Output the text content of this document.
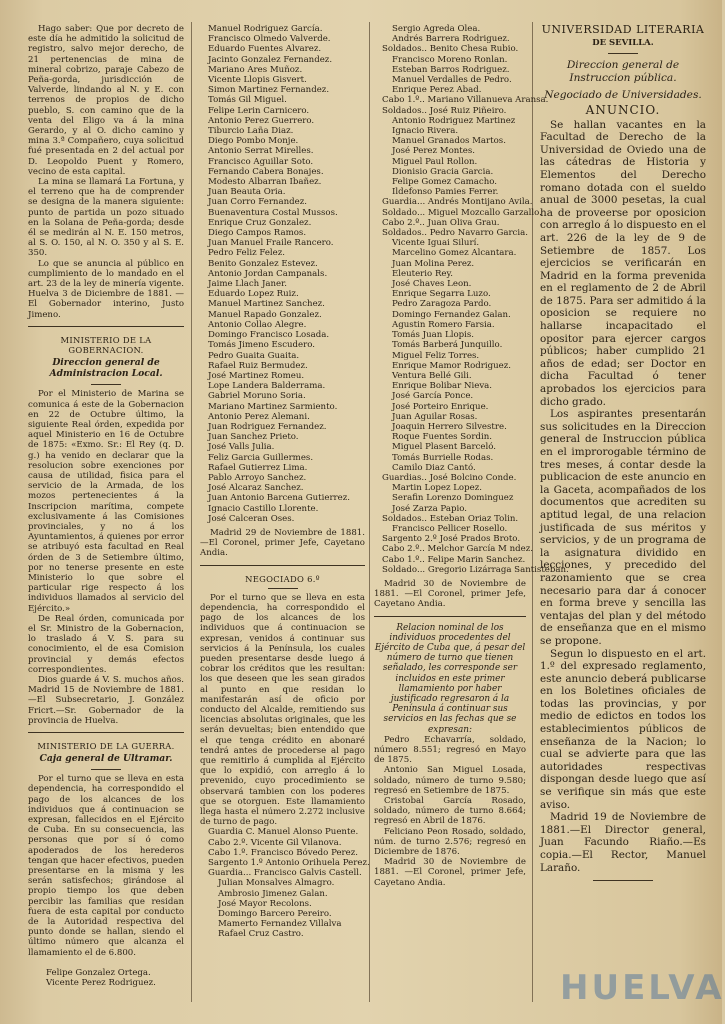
Hago saber: Que por decreto de este día he admitido la solicitud de registro, salvo mejor derecho, de 21 pertenencias de mina de mineral cobrizo, paraje Cabezo de Peña-gorda, jurisdicción de Valverde, lindando al N. y E. con terrenos de propios de dicho pueblo, S. con camino que de la venta del Eligo va á la mina Gerardo, y al O. dicho camino y mina 3.ª Compañero, cuya solicitud fué presentada en 2 del actual por D. Leopoldo Puent y Romero, vecino de esta capital.

La mina se llamará La Fortuna, y el terreno que ha de comprender se designa de la manera siguiente: punto de partida un pozo situado en la Solana de Peña-gorda; desde él se medirán al N. E. 150 metros, al S. O. 150, al N. O. 350 y al S. E. 350.

Lo que se anuncia al público en cumplimiento de lo mandado en el art. 23 de la ley de minería vigente. Huelva 3 de Diciembre de 1881. —El Gobernador interino, Justo Jimeno.

MINISTERIO DE LA GOBERNACION.
Direccion general de Administracion Local.

Por el Ministerio de Marina se comunica á este de la Gobernacion en 22 de Octubre último, la siguiente Real órden, expedida por aquel Ministerio en 16 de Octubre de 1875: «Exmo. Sr.: El Rey (q. D. g.) ha venido en declarar que la resolucion sobre exenciones por causa de utilidad, fisica para el servicio de la Armada, de los mozos pertenecientes á la Inscripcion marítima, compete exclusivamente á las Comisiones provinciales, y no á los Ayuntamientos, á quienes por error se atribuyó esta facultad en Real órden de 3 de Setiembre último, por no tenerse presente en este Ministerio lo que sobre el particular rige respecto á los individuos llamados al servicio del Ejército.»

De Real órden, comunicada por el Sr. Ministro de la Gobernacion, lo traslado á V. S. para su conocimiento, el de esa Comision provincial y demás efectos correspondientes.

Dios guarde á V. S. muchos años. Madrid 15 de Noviembre de 1881.—El Subsecretario, J. González Fricrt.—Sr. Gobernador de la provincia de Huelva.

MINISTERIO DE LA GUERRA.
Caja general de Ultramar.

Por el turno que se lleva en esta dependencia, ha correspondido el pago de los alcances de los individuos que á continuacion se expresan, fallecidos en el Ejército de Cuba. En su consecuencia, las personas que por sí ó como apoderados de los herederos tengan que hacer efectivos, pueden presentarse en la misma y les serán satisfechos; girándose al propio tiempo los que deben percibir las familias que residan fuera de esta capital por conducto de la Autoridad respectiva del punto donde se hallan, siendo el último número que alcanza el llamamiento el de 6.800.

Felipe Gonzalez Ortega.

Vicente Perez Rodriguez.

Manuel Rodriguez García.

Francisco Olmedo Valverde.

Eduardo Fuentes Alvarez.

Jacinto Gonzalez Fernandez.

Mariano Ares Muñoz.

Vicente Llopis Gisvert.

Simon Martinez Fernandez.

Tomás Gil Miguel.

Felipe Lerin Carnicero.

Antonio Perez Guerrero.

Tiburcio Laña Diaz.

Diego Pombo Monje.

Antonio Serrat Mirelles.

Francisco Aguillar Soto.

Fernando Cabera Bonajes.

Modesto Albarran Ibañez.

Juan Beauta Oria.

Juan Corro Fernandez.

Buenaventura Costal Mussos.

Enrique Cruz Gonzalez.

Diego Campos Ramos.

Juan Manuel Fraile Rancero.

Pedro Feliz Felez.

Benito Gonzalez Estevez.

Antonio Jordan Campanals.

Jaime Llach Janer.

Eduardo Lopez Ruiz.

Manuel Martinez Sanchez.

Manuel Rapado Gonzalez.

Antonio Collao Alegre.

Domingo Francisco Losada.

Tomás Jimeno Escudero.

Pedro Guaita Guaita.

Rafael Ruiz Bermudez.

José Martinez Romeu.

Lope Landera Balderrama.

Gabriel Moruno Soria.

Mariano Martinez Sarmiento.

Antonio Perez Alemani.

Juan Rodriguez Fernandez.

Juan Sanchez Prieto.

José Valls Julia.

Feliz Garcia Guillermes.

Rafael Gutierrez Lima.

Pablo Arroyo Sanchez.

José Alcaraz Sanchez.

Juan Antonio Barcena Gutierrez.

Ignacio Castillo Llorente.

José Calceran Oses.

Madrid 29 de Noviembre de 1881. —El Coronel, primer Jefe, Cayetano Andia.

NEGOCIADO 6.º

Por el turno que se lleva en esta dependencia, ha correspondido el pago de los alcances de los individuos que á continuacion se expresan, venidos á continuar sus servicios á la Península, los cuales pueden presentarse desde luego á cobrar los créditos que les resultan: los que deseen que les sean girados al punto en que residan lo manifestarán así de oficio por conducto del Alcalde, remitiendo sus licencias absolutas originales, que les serán devueltas; bien entendido que el que tenga crédito en abonaré tendrá antes de procederse al pago que remitirlo á cumplida al Ejército que lo expidió, con arreglo á lo prevenido, cuyo procedimiento se observará tambien con los poderes que se otorguen. Este llamamiento llega hasta el número 2.272 inclusive de turno de pago.

Guardia C. Manuel Alonso Puente.

Cabo 2.º. Vicente Gil Vilanova.

Cabo 1.º. Francisco Bóvedo Perez.

Sargento 1.º Antonio Orihuela Perez.

Guardia... Francisco Galvis Castell.

Julian Monsalves Almagro.

Ambrosio Jimenez Galan.

José Mayor Recolons.

Domingo Barcero Pereiro.

Mamerto Fernandez Villalva

Rafael Cruz Castro.

Sergio Agreda Olea.

Andrés Barrera Rodriguez.

Soldados.. Benito Chesa Rubio.

Francisco Moreno Ronlan.

Esteban Barros Rodriguez.

Manuel Verdalles de Pedro.

Enrique Perez Abad.

Cabo 1.º.. Mariano Villanueva Aransa.

Soldados.. José Ruiz Piñeiro.

Antonio Rodriguez Martinez

Ignacio Rivera.

Manuel Granados Martos.

José Perez Montes.

Miguel Paul Rollon.

Dionisio Gracia Garcia.

Felipe Gomez Camacho.

Ildefonso Pamies Ferrer.

Guardia... Andrés Montijano Avila.

Soldado... Miguel Mozcallo Garzallo.

Cabo 2.º.. Juan Oliva Grau.

Soldados.. Pedro Navarro Garcia.

Vicente Iguai Silurí.

Marcelino Gomez Alcantara.

Juan Molina Perez.

Eleuterio Rey.

José Chaves Leon.

Enrique Segarra Luzo.

Pedro Zaragoza Pardo.

Domingo Fernandez Galan.

Agustin Romero Farsia.

Tomás Juan Llopis.

Tomás Barberá Junquillo.

Miguel Feliz Torres.

Enrique Mamor Rodriguez.

Ventura Bellé Gili.

Enrique Bolibar Nieva.

José García Ponce.

José Porteiro Enrique.

Juan Aguilar Rosas.

Joaquin Herrero Silvestre.

Roque Fuentes Sordin.

Miguel Plasent Barceló.

Tomás Burrielle Rodas.

Camilo Diaz Cantó.

Guardias.. José Bolcino Conde.

Martin Lopez Lopez.

Serafin Lorenzo Dominguez

José Zarza Papio.

Soldados.. Esteban Oriaz Tolin.

Francisco Pellicer Rosello.

Sargento 2.º José Prados Broto.

Cabo 2.º.. Melchor García M ndez.

Cabo 1.º.. Felipe Marin Sanchez.

Soldado... Gregorio Lizárraga Santisteban.

Madrid 30 de Noviembre de 1881. —El Coronel, primer Jefe, Cayetano Andia.

Relacion nominal de los individuos procedentes del Ejército de Cuba que, á pesar del número de turno que tienen señalado, les corresponde ser incluidos en este primer llamamiento por haber justificado regresaron á la Península á continuar sus servicios en las fechas que se expresan:

Pedro Echavarría, soldado, número 8.551; regresó en Mayo de 1875.

Antonio San Miguel Losada, soldado, número de turno 9.580; regresó en Setiembre de 1875.

Cristobal García Rosado, soldado, número de turno 8.664; regresó en Abril de 1876.

Feliciano Peon Rosado, soldado, núm. de turno 2.576; regresó en Diciembre de 1876.

Madrid 30 de Noviembre de 1881. —El Coronel, primer Jefe, Cayetano Andia.

UNIVERSIDAD LITERARIA
DE SEVILLA.
Direccion general de Instruccion pública.
Negociado de Universidades.
ANUNCIO.

Se hallan vacantes en la Facultad de Derecho de la Universidad de Oviedo una de las cátedras de Historia y Elementos del Derecho romano dotada con el sueldo anual de 3000 pesetas, la cual ha de proveerse por oposicion con arreglo á lo dispuesto en el art. 226 de la ley de 9 de Setiembre de 1857. Los ejercicios se verificarán en Madrid en la forma prevenida en el reglamento de 2 de Abril de 1875. Para ser admitido á la oposicion se requiere no hallarse incapacitado el opositor para ejercer cargos públicos; haber cumplido 21 años de edad; ser Doctor en dicha Facultad ó tener aprobados los ejercicios para dicho grado.

Los aspirantes presentarán sus solicitudes en la Direccion general de Instruccion pública en el improrogable término de tres meses, á contar desde la publicacion de este anuncio en la Gaceta, acompañados de los documentos que acrediten su aptitud legal, de una relacion justificada de sus méritos y servicios, y de un programa de la asignatura dividido en lecciones, y precedido del razonamiento que se crea necesario para dar á conocer en forma breve y sencilla las ventajas del plan y del método de enseñanza que en el mismo se propone.

Segun lo dispuesto en el art. 1.º del expresado reglamento, este anuncio deberá publicarse en los Boletines oficiales de todas las provincias, y por medio de edictos en todos los establecimientos públicos de enseñanza de la Nacion; lo cual se advierte para que las autoridades respectivas dispongan desde luego que así se verifique sin más que este aviso.

Madrid 19 de Noviembre de 1881.—El Director general, Juan Facundo Riaño.—Es copia.—El Rector, Manuel Laraño.

HUELVA
